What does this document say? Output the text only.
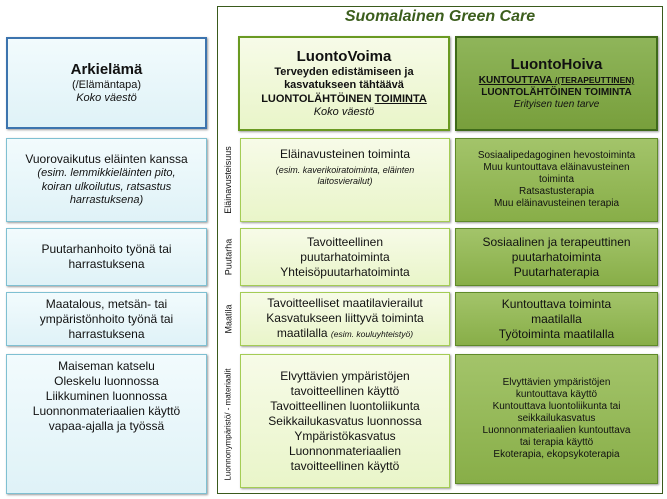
Suomalainen Green Care
Arkielämä
(/Elämäntapa)
Koko väestö
LuontoVoima
Terveyden edistämiseen ja
kasvatukseen tähtäävä
LUONTOLÄHTÖINEN TOIMINTA
Koko väestö
LuontoHoiva
KUNTOUTTAVA /(TERAPEUTTINEN)
LUONTOLÄHTÖINEN TOIMINTA
Erityisen tuen tarve
Eläinavusteisuus
Puutarha
Maatila
Luonnonympäristö/ - materiaalit
Vuorovaikutus eläinten kanssa
(esim. lemmikkieläinten pito,
koiran ulkoilutus, ratsastus
harrastuksena)
Eläinavusteinen toiminta
(esim. kaverikoiratoiminta, eläinten
laitosvierailut)
Sosiaalipedagoginen hevostoiminta
Muu kuntouttava eläinavusteinen
toiminta
Ratsastusterapia
Muu eläinavusteinen terapia
Puutarhanhoito työnä tai
harrastuksena
Tavoitteellinen
puutarhatoiminta
Yhteisöpuutarhatoiminta
Sosiaalinen ja terapeuttinen
puutarhatoiminta
Puutarhaterapia
Maatalous, metsän- tai
ympäristönhoito työnä tai
harrastuksena
Tavoitteelliset maatilavierailut
Kasvatukseen liittyvä toiminta
maatilalla (esim. kouluyhteistyö)
Kuntouttava toiminta
maatilalla
Työtoiminta maatilalla
Maiseman katselu
Oleskelu luonnossa
Liikkuminen luonnossa
Luonnonmateriaalien käyttö
vapaa-ajalla ja työssä
Elvyttävien ympäristöjen
tavoitteellinen käyttö
Tavoitteellinen luontoliikunta
Seikkailukasvatus luonnossa
Ympäristökasvatus
Luonnonmateriaalien
tavoitteellinen käyttö
Elvyttävien ympäristöjen
kuntouttava käyttö
Kuntouttava luontoliikunta tai
seikkailukasvatus
Luonnonmateriaalien kuntouttava
tai terapia käyttö
Ekoterapia, ekopsykoterapia
